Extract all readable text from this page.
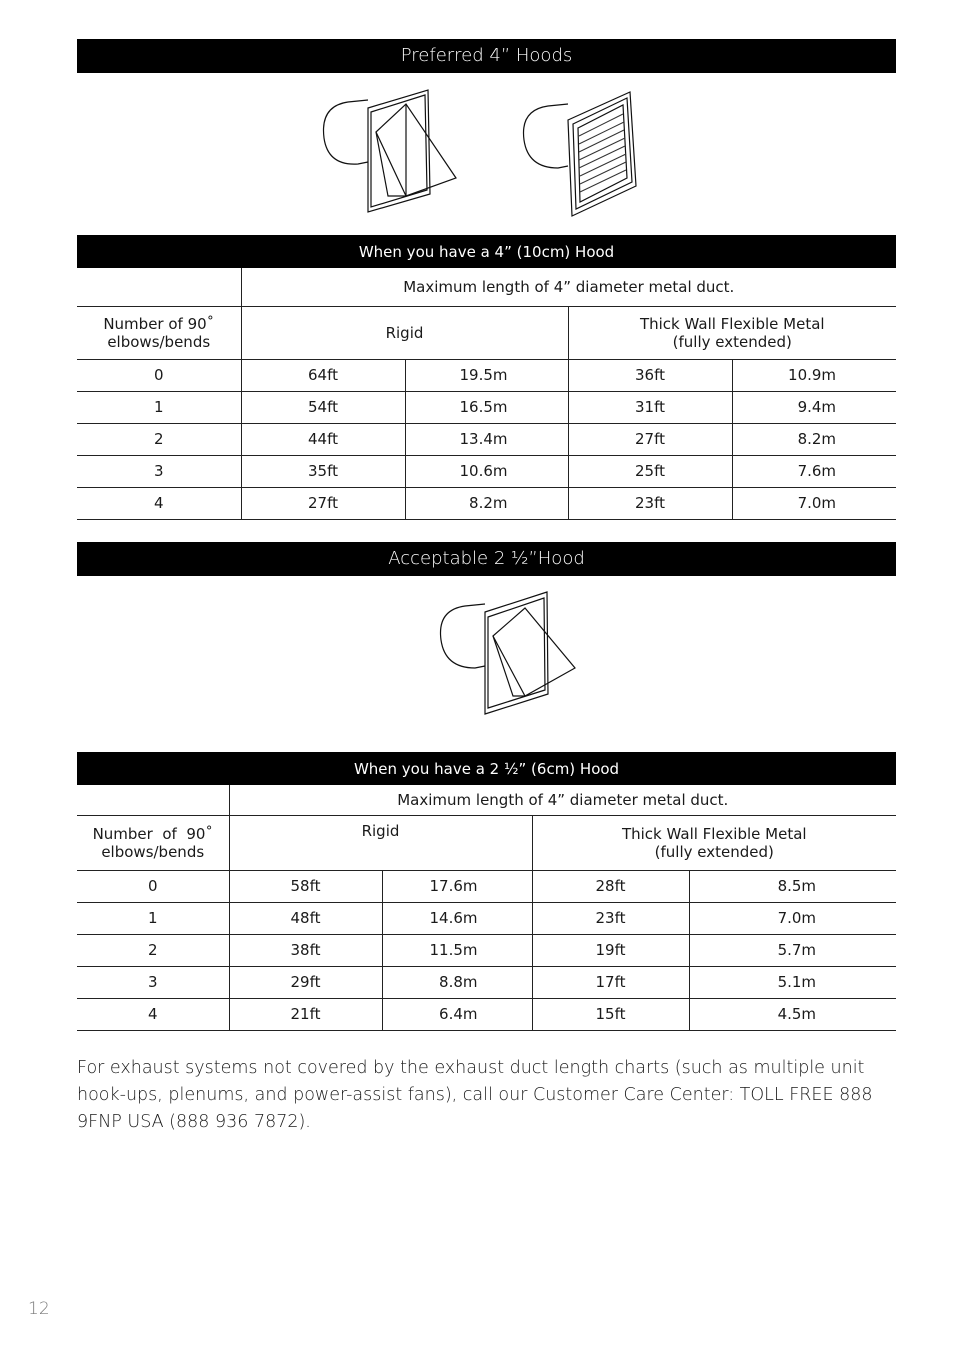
Preferred 4” Hoods
When you have a 4” (10cm) Hood				
	Maximum length of 4” diameter metal duct.			
Number of 90˚
elbows/bends	Rigid		Thick Wall Flexible Metal
(fully extended)	
0	64ft	19.5m	36ft	10.9m
1	54ft	16.5m	31ft	9.4m
2	44ft	13.4m	27ft	8.2m
3	35ft	10.6m	25ft	7.6m
4	27ft	8.2m	23ft	7.0m
Acceptable 2 ½”Hood
When you have a 2 ½” (6cm) Hood				
	Maximum length of 4” diameter metal duct.			
Number  of  90˚
elbows/bends	Rigid		Thick Wall Flexible Metal
(fully extended)	
0	58ft	17.6m	28ft	8.5m
1	48ft	14.6m	23ft	7.0m
2	38ft	11.5m	19ft	5.7m
3	29ft	8.8m	17ft	5.1m
4	21ft	6.4m	15ft	4.5m
For exhaust systems not covered by the exhaust duct length charts (such as multiple unit hook-ups, plenums, and power-assist fans), call our Customer Care Center: TOLL FREE 888 9FNP USA (888 936 7872).
12
